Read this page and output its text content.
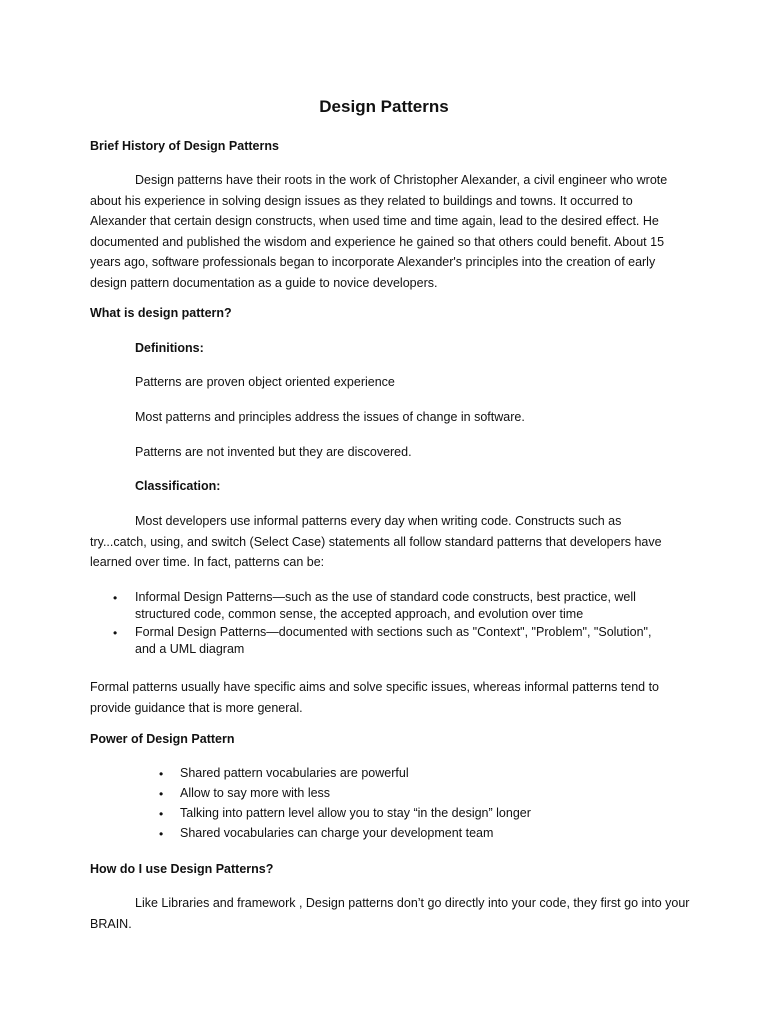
Design Patterns
Brief History of Design Patterns
Design patterns have their roots in the work of Christopher Alexander, a civil engineer who wrote about his experience in solving design issues as they related to buildings and towns. It occurred to Alexander that certain design constructs, when used time and time again, lead to the desired effect. He documented and published the wisdom and experience he gained so that others could benefit. About 15 years ago, software professionals began to incorporate Alexander's principles into the creation of early design pattern documentation as a guide to novice developers.
What is design pattern?
Definitions:
Patterns are proven object oriented experience
Most patterns and principles address the issues of change in software.
Patterns are not invented but they are discovered.
Classification:
Most developers use informal patterns every day when writing code. Constructs such as try...catch, using, and switch (Select Case) statements all follow standard patterns that developers have learned over time. In fact, patterns can be:
• Informal Design Patterns—such as the use of standard code constructs, best practice, well structured code, common sense, the accepted approach, and evolution over time
• Formal Design Patterns—documented with sections such as "Context", "Problem", "Solution", and a UML diagram
Formal patterns usually have specific aims and solve specific issues, whereas informal patterns tend to provide guidance that is more general.
Power of Design Pattern
• Shared pattern vocabularies are powerful
• Allow to say more with less
• Talking into pattern level allow you to stay “in the design” longer
• Shared vocabularies can charge your development team
How do I use Design Patterns?
Like Libraries and framework , Design patterns don’t go directly into your code, they first go into your BRAIN.
